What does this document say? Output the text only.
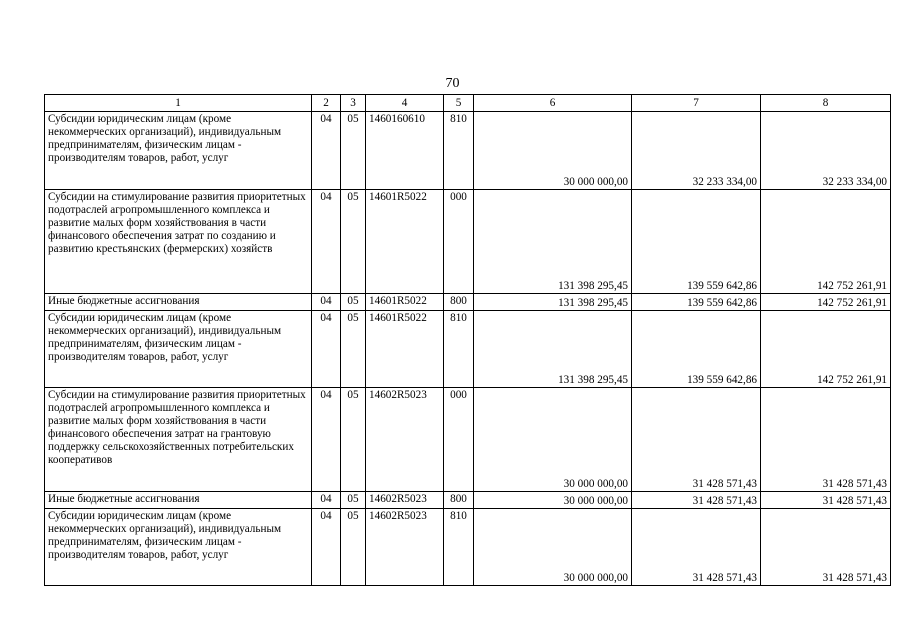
70
1	2	3	4	5	6	7	8
Субсидии юридическим лицам (кроме некоммерческих организаций), индивидуальным предпринимателям, физическим лицам - производителям товаров, работ, услуг	04	05	1460160610	810	30 000 000,00	32 233 334,00	32 233 334,00
Субсидии на стимулирование развития приоритетных подотраслей агропромышленного комплекса и развитие малых форм хозяйствования в части финансового обеспечения затрат по созданию и развитию крестьянских (фермерских) хозяйств	04	05	14601R5022	000	131 398 295,45	139 559 642,86	142 752 261,91
Иные бюджетные ассигнования	04	05	14601R5022	800	131 398 295,45	139 559 642,86	142 752 261,91
Субсидии юридическим лицам (кроме некоммерческих организаций), индивидуальным предпринимателям, физическим лицам - производителям товаров, работ, услуг	04	05	14601R5022	810	131 398 295,45	139 559 642,86	142 752 261,91
Субсидии на стимулирование развития приоритетных подотраслей агропромышленного комплекса и развитие малых форм хозяйствования в части финансового обеспечения затрат на грантовую поддержку сельскохозяйственных потребительских кооперативов	04	05	14602R5023	000	30 000 000,00	31 428 571,43	31 428 571,43
Иные бюджетные ассигнования	04	05	14602R5023	800	30 000 000,00	31 428 571,43	31 428 571,43
Субсидии юридическим лицам (кроме некоммерческих организаций), индивидуальным предпринимателям, физическим лицам - производителям товаров, работ, услуг	04	05	14602R5023	810	30 000 000,00	31 428 571,43	31 428 571,43
